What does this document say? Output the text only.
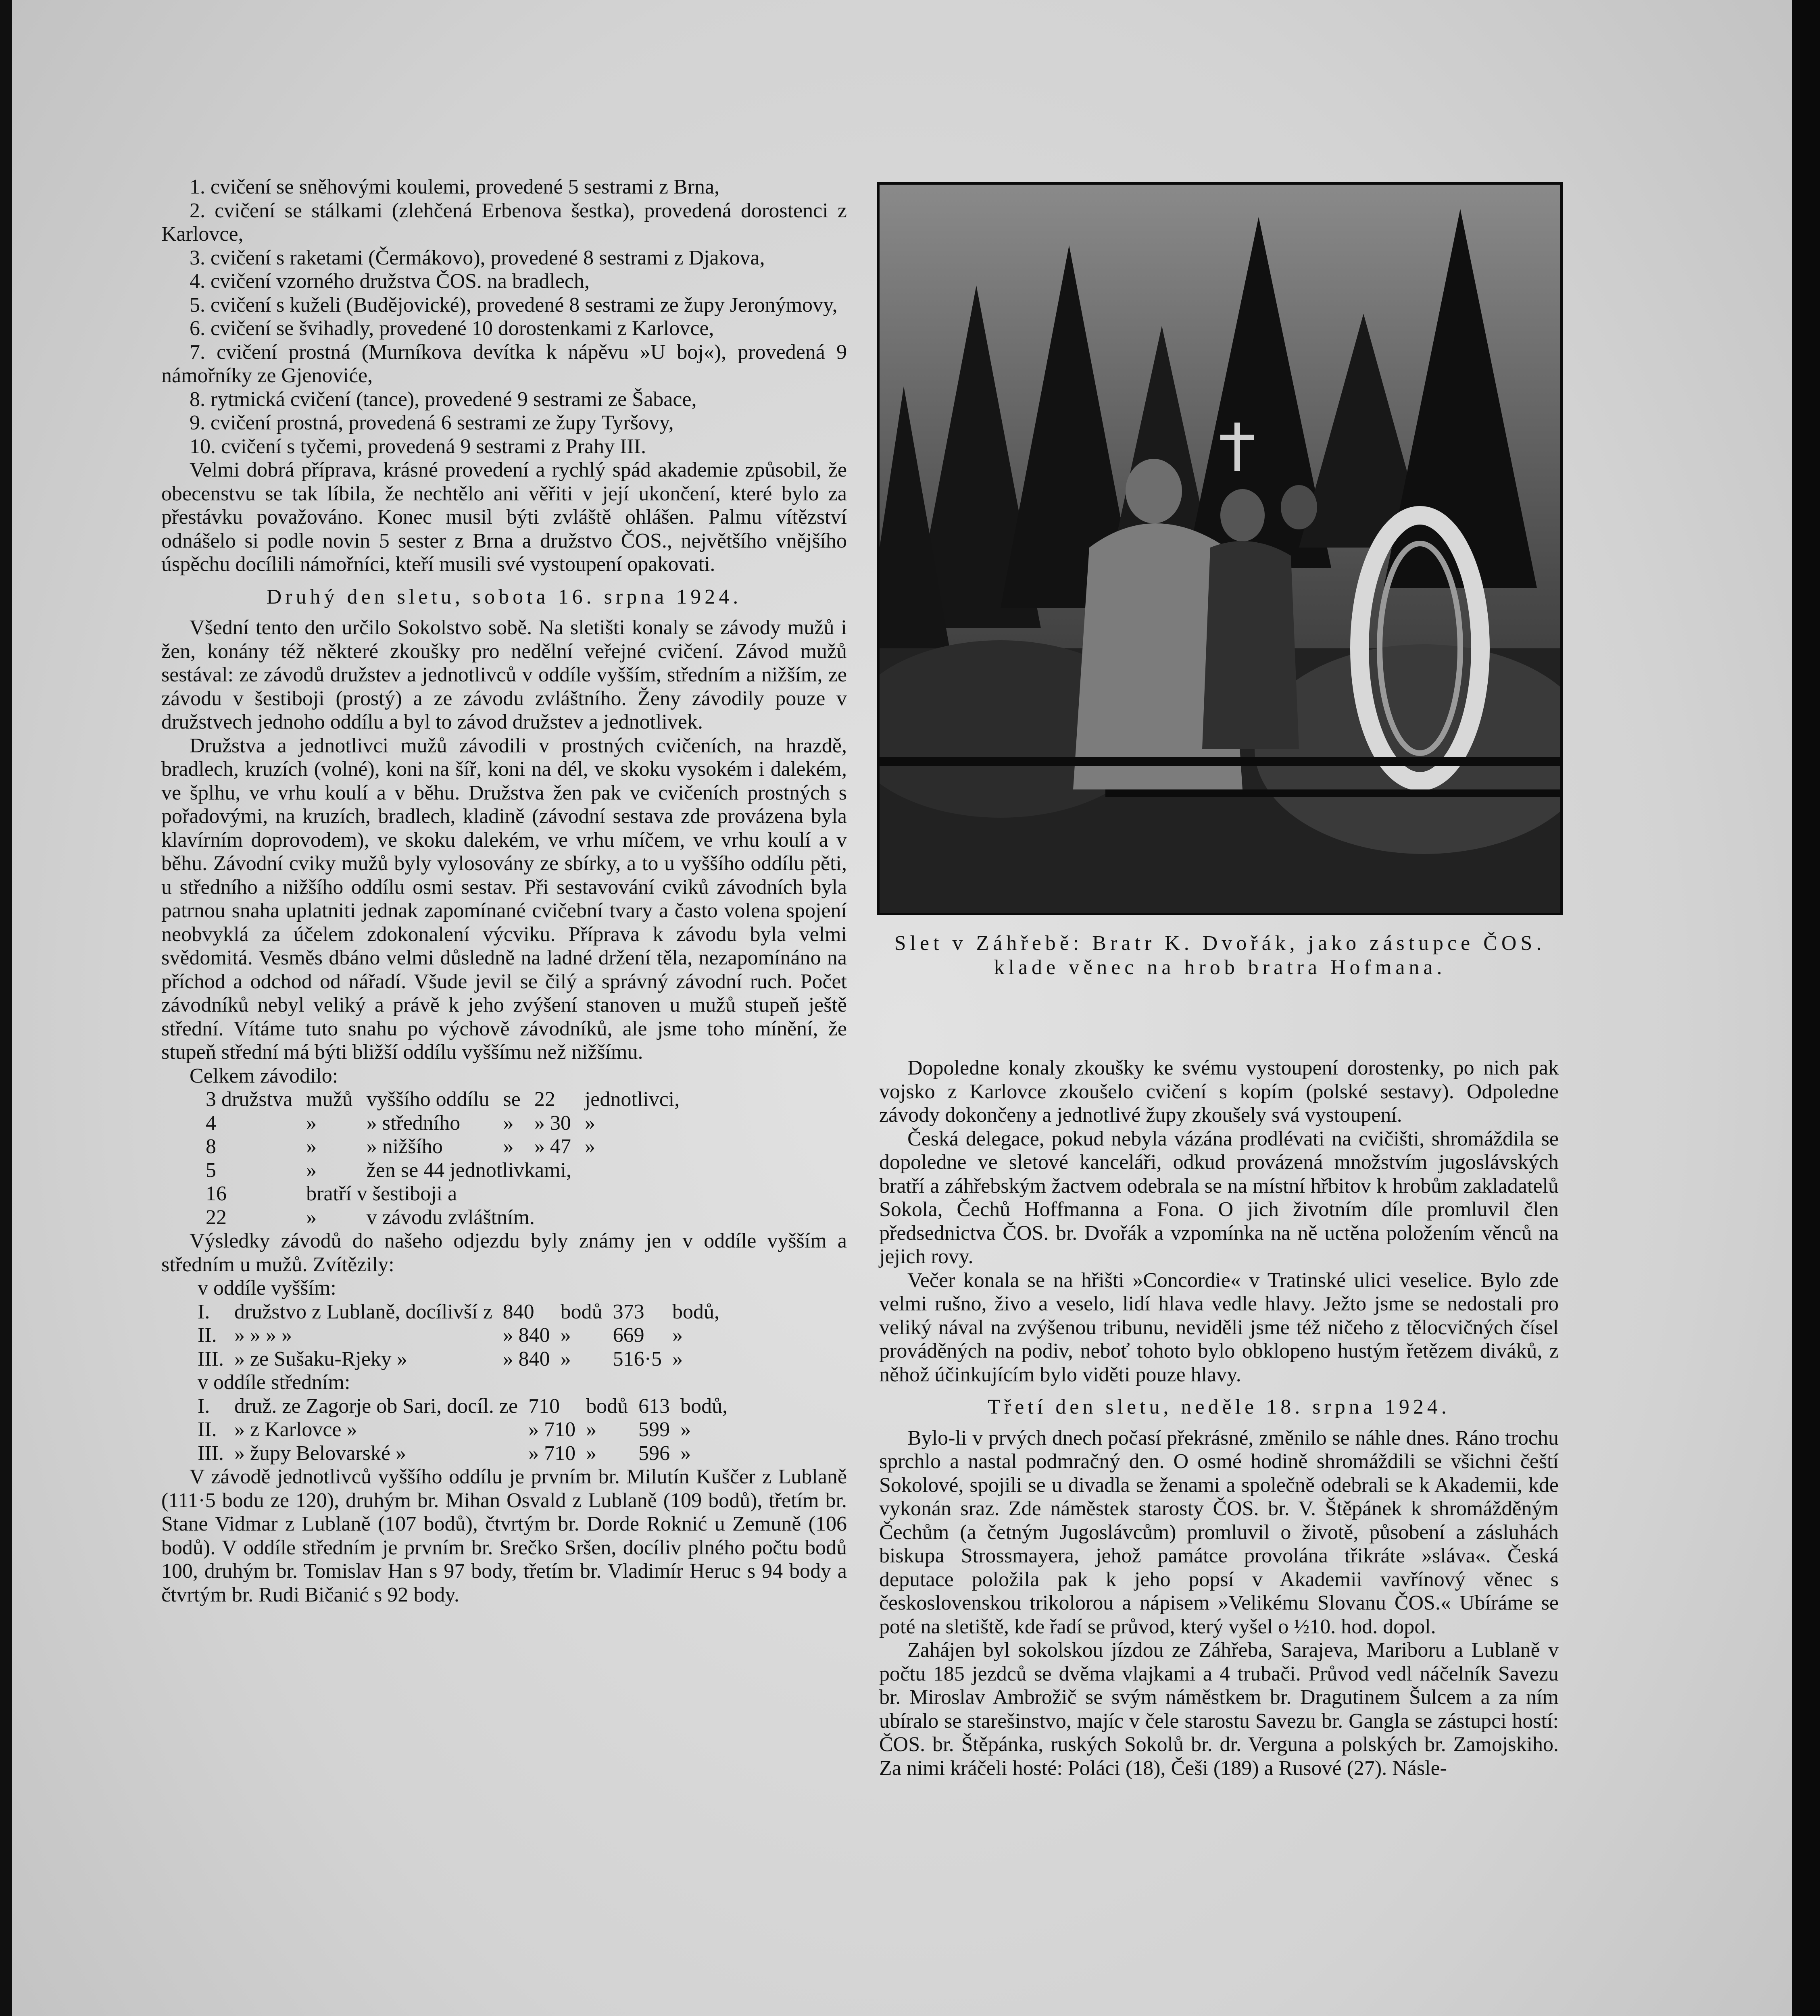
1. cvičení se sněhovými koulemi, provedené 5 sestrami z Brna,

2. cvičení se stálkami (zlehčená Erbenova šestka), provedená dorostenci z Karlovce,

3. cvičení s raketami (Čermákovo), provedené 8 sestrami z Djakova,

4. cvičení vzorného družstva ČOS. na bradlech,

5. cvičení s kuželi (Budějovické), provedené 8 sestrami ze župy Jeronýmovy,

6. cvičení se švihadly, provedené 10 dorostenkami z Karlovce,

7. cvičení prostná (Murníkova devítka k nápěvu »U boj«), provedená 9 námořníky ze Gjenoviće,

8. rytmická cvičení (tance), provedené 9 sestrami ze Šabace,

9. cvičení prostná, provedená 6 sestrami ze župy Tyršovy,

10. cvičení s tyčemi, provedená 9 sestrami z Prahy III.

Velmi dobrá příprava, krásné provedení a rychlý spád akademie způsobil, že obecenstvu se tak líbila, že nechtělo ani věřiti v její ukončení, které bylo za přestávku považováno. Konec musil býti zvláště ohlášen. Palmu vítězství odnášelo si podle novin 5 sester z Brna a družstvo ČOS., největšího vnějšího úspěchu docílili námořníci, kteří musili své vystoupení opakovati.

Druhý den sletu, sobota 16. srpna 1924.

Všední tento den určilo Sokolstvo sobě. Na sletišti konaly se závody mužů i žen, konány též některé zkoušky pro nedělní veřejné cvičení. Závod mužů sestával: ze závodů družstev a jednotlivců v oddíle vyšším, středním a nižším, ze závodu v šestiboji (prostý) a ze závodu zvláštního. Ženy závodily pouze v družstvech jednoho oddílu a byl to závod družstev a jednotlivek.

Družstva a jednotlivci mužů závodili v prostných cvičeních, na hrazdě, bradlech, kruzích (volné), koni na šíř, koni na dél, ve skoku vysokém i dalekém, ve šplhu, ve vrhu koulí a v běhu. Družstva žen pak ve cvičeních prostných s pořadovými, na kruzích, bradlech, kladině (závodní sestava zde provázena byla klavírním doprovodem), ve skoku dalekém, ve vrhu míčem, ve vrhu koulí a v běhu. Závodní cviky mužů byly vylosovány ze sbírky, a to u vyššího oddílu pěti, u středního a nižšího oddílu osmi sestav. Při sestavování cviků závodních byla patrnou snaha uplatniti jednak zapomínané cvičební tvary a často volena spojení neobvyklá za účelem zdokonalení výcviku. Příprava k závodu byla velmi svědomitá. Vesměs dbáno velmi důsledně na ladné držení těla, nezapomínáno na příchod a odchod od nářadí. Všude jevil se čilý a správný závodní ruch. Počet závodníků nebyl veliký a právě k jeho zvýšení stanoven u mužů stupeň ještě střední. Vítáme tuto snahu po výchově závodníků, ale jsme toho mínění, že stupeň střední má býti bližší oddílu vyššímu než nižšímu.

Celkem závodilo:

3 družstva	mužů	vyššího oddílu	se	22	jednotlivci,
4	»	» středního	»	» 30	»
8	»	» nižšího	»	» 47	»
5	»	žen se 44 jednotlivkami,			
16	bratří v šestiboji a				
22	»	v závodu zvláštním.			

Výsledky závodů do našeho odjezdu byly známy jen v oddíle vyšším a středním u mužů. Zvítězily:

v oddíle vyšším:

I.	družstvo z Lublaně, docílivší z	840	bodů	373	bodů,
II.	» » » »	» 840	»	669	»
III.	» ze Sušaku-Rjeky »	» 840	»	516·5	»

v oddíle středním:

I.	druž. ze Zagorje ob Sari, docíl. ze	710	bodů	613	bodů,
II.	» z Karlovce »	» 710	»	599	»
III.	» župy Belovarské »	» 710	»	596	»

V závodě jednotlivců vyššího oddílu je prvním br. Milutín Kuščer z Lublaně (111·5 bodu ze 120), druhým br. Mihan Osvald z Lublaně (109 bodů), třetím br. Stane Vidmar z Lublaně (107 bodů), čtvrtým br. Dorde Roknić u Zemuně (106 bodů). V oddíle středním je prvním br. Srečko Sršen, docíliv plného počtu bodů 100, druhým br. Tomislav Han s 97 body, třetím br. Vladimír Heruc s 94 body a čtvrtým br. Rudi Bičanić s 92 body.

Slet v Záhřebě: Bratr K. Dvořák, jako zástupce ČOS. klade věnec na hrob bratra Hofmana.

Dopoledne konaly zkoušky ke svému vystoupení dorostenky, po nich pak vojsko z Karlovce zkoušelo cvičení s kopím (polské sestavy). Odpoledne závody dokončeny a jednotlivé župy zkoušely svá vystoupení.

Česká delegace, pokud nebyla vázána prodlévati na cvičišti, shromáždila se dopoledne ve sletové kanceláři, odkud provázená množstvím jugoslávských bratří a záhřebským žactvem odebrala se na místní hřbitov k hrobům zakladatelů Sokola, Čechů Hoffmanna a Fona. O jich životním díle promluvil člen předsednictva ČOS. br. Dvořák a vzpomínka na ně uctěna položením věnců na jejich rovy.

Večer konala se na hřišti »Concordie« v Tratinské ulici veselice. Bylo zde velmi rušno, živo a veselo, lidí hlava vedle hlavy. Ježto jsme se nedostali pro veliký nával na zvýšenou tribunu, neviděli jsme též ničeho z tělocvičných čísel prováděných na podiv, neboť tohoto bylo obklopeno hustým řetězem diváků, z něhož účinkujícím bylo viděti pouze hlavy.

Třetí den sletu, neděle 18. srpna 1924.

Bylo-li v prvých dnech počasí překrásné, změnilo se náhle dnes. Ráno trochu sprchlo a nastal podmračný den. O osmé hodině shromáždili se všichni čeští Sokolové, spojili se u divadla se ženami a společně odebrali se k Akademii, kde vykonán sraz. Zde náměstek starosty ČOS. br. V. Štěpánek k shromážděným Čechům (a četným Jugoslávcům) promluvil o životě, působení a zásluhách biskupa Strossmayera, jehož památce provolána třikráte »sláva«. Česká deputace položila pak k jeho popsí v Akademii vavřínový věnec s československou trikolorou a nápisem »Velikému Slovanu ČOS.« Ubíráme se poté na sletiště, kde řadí se průvod, který vyšel o ½10. hod. dopol.

Zahájen byl sokolskou jízdou ze Záhřeba, Sarajeva, Mariboru a Lublaně v počtu 185 jezdců se dvěma vlajkami a 4 trubači. Průvod vedl náčelník Savezu br. Miroslav Ambrožič se svým náměstkem br. Dragutinem Šulcem a za ním ubíralo se starešinstvo, majíc v čele starostu Savezu br. Gangla se zástupci hostí: ČOS. br. Štěpánka, ruských Sokolů br. dr. Verguna a polských br. Zamojskiho. Za nimi kráčeli hosté: Poláci (18), Češi (189) a Rusové (27). Násle-
